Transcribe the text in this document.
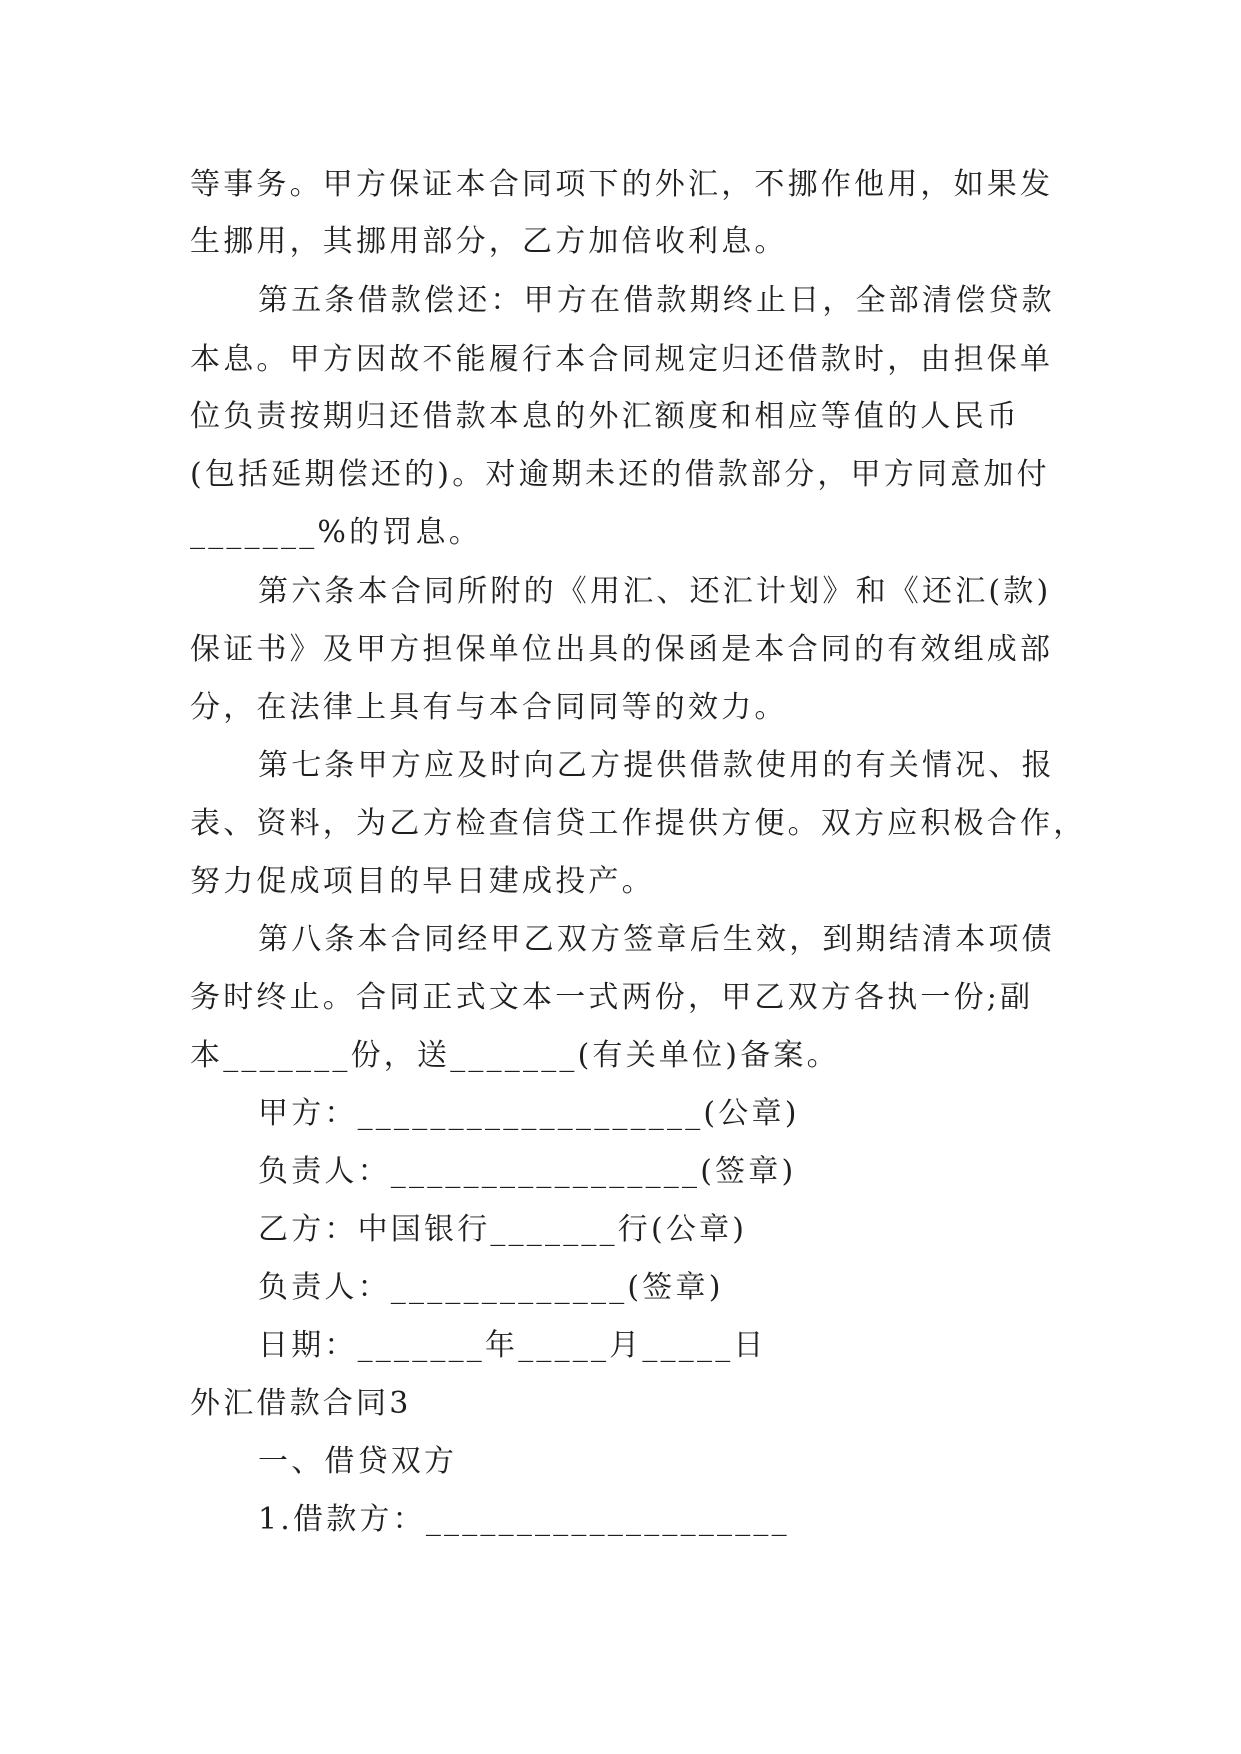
等事务。甲方保证本合同项下的外汇，不挪作他用，如果发
生挪用，其挪用部分，乙方加倍收利息。
第五条借款偿还：甲方在借款期终止日，全部清偿贷款
本息。甲方因故不能履行本合同规定归还借款时，由担保单
位负责按期归还借款本息的外汇额度和相应等值的人民币
(包括延期偿还的)。对逾期未还的借款部分，甲方同意加付
_______%的罚息。
第六条本合同所附的《用汇、还汇计划》和《还汇(款)
保证书》及甲方担保单位出具的保函是本合同的有效组成部
分，在法律上具有与本合同同等的效力。
第七条甲方应及时向乙方提供借款使用的有关情况、报
表、资料，为乙方检查信贷工作提供方便。双方应积极合作，
努力促成项目的早日建成投产。
第八条本合同经甲乙双方签章后生效，到期结清本项债
务时终止。合同正式文本一式两份，甲乙双方各执一份;副
本_______份，送_______(有关单位)备案。
甲方：___________________(公章)
负责人：_________________(签章)
乙方：中国银行_______行(公章)
负责人：_____________(签章)
日期：_______年_____月_____日
外汇借款合同3
一、借贷双方
1.借款方：____________________
